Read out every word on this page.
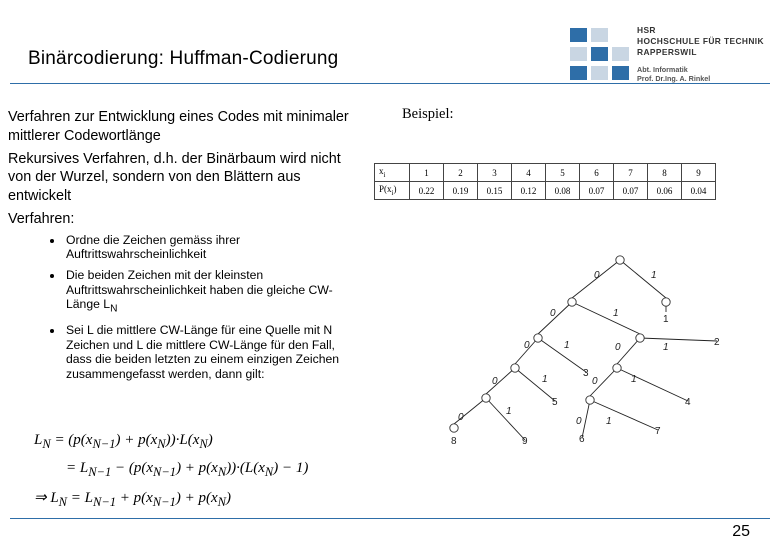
Binärcodierung: Huffman-Codierung
HSR
HOCHSCHULE FÜR TECHNIK
RAPPERSWIL
Abt. Informatik
Prof. Dr.Ing. A. Rinkel

Verfahren zur Entwicklung eines Codes mit minimaler mittlerer Codewortlänge

Rekursives Verfahren, d.h. der Binärbaum wird nicht von der Wurzel, sondern von den Blättern aus entwickelt

Verfahren:

• Ordne die Zeichen gemäss ihrer Auftrittswahrscheinlichkeit
• Die beiden Zeichen mit der kleinsten Auftrittswahrscheinlichkeit haben die gleiche CW-Länge $L_N$
• Sei L die mittlere CW-Länge für eine Quelle mit N Zeichen und L die mittlere CW-Länge für den Fall, dass die beiden letzten zu einem einzigen Zeichen zusammengefasst werden, dann gilt:
Beispiel:
$x_i$	1	2	3	4	5	6	7	8	9
$P(x_i)$	0.22	0.19	0.15	0.12	0.08	0.07	0.07	0.06	0.04
0	1
0	1
0	1	0	1
0	1	0	1
0
1
0 1
1
2
3
4
5
6
7
8	9
$L_N = (p(x_{N-1}) + p(x_N))\cdot L(x_N)$
= $L_{N-1} - (p(x_{N-1}) + p(x_N))\cdot(L(x_N) - 1)$
⇒ $L_N = L_{N-1} + p(x_{N-1}) + p(x_N)$
25
